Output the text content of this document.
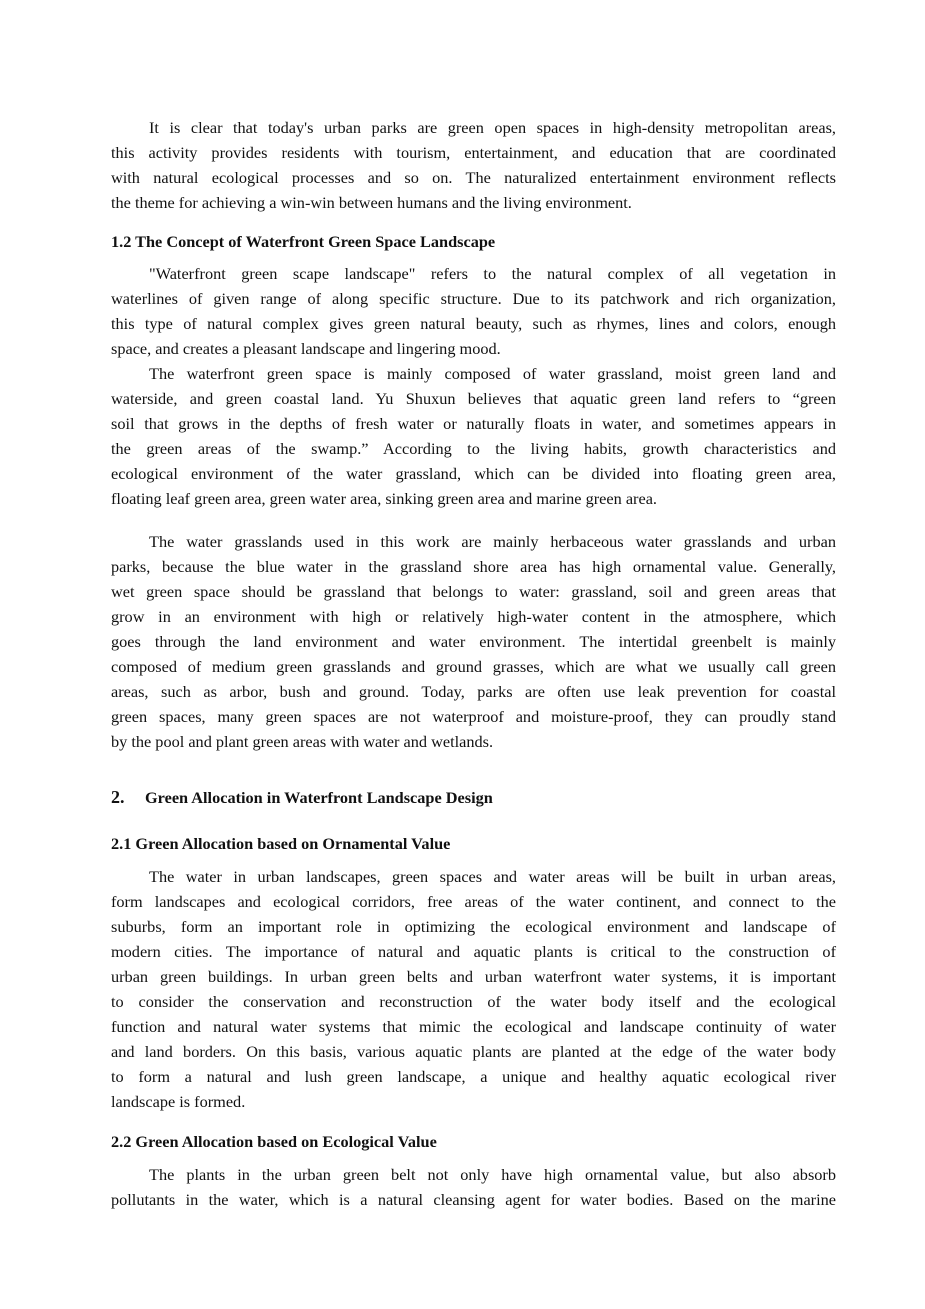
It is clear that today's urban parks are green open spaces in high-density metropolitan areas,
this activity provides residents with tourism, entertainment, and education that are coordinated
with natural ecological processes and so on. The naturalized entertainment environment reflects
the theme for achieving a win-win between humans and the living environment.
1.2 The Concept of Waterfront Green Space Landscape
"Waterfront green scape landscape" refers to the natural complex of all vegetation in
waterlines of given range of along specific structure. Due to its patchwork and rich organization,
this type of natural complex gives green natural beauty, such as rhymes, lines and colors, enough
space, and creates a pleasant landscape and lingering mood.
The waterfront green space is mainly composed of water grassland, moist green land and
waterside, and green coastal land. Yu Shuxun believes that aquatic green land refers to “green
soil that grows in the depths of fresh water or naturally floats in water, and sometimes appears in
the green areas of the swamp.” According to the living habits, growth characteristics and
ecological environment of the water grassland, which can be divided into floating green area,
floating leaf green area, green water area, sinking green area and marine green area.
The water grasslands used in this work are mainly herbaceous water grasslands and urban
parks, because the blue water in the grassland shore area has high ornamental value. Generally,
wet green space should be grassland that belongs to water: grassland, soil and green areas that
grow in an environment with high or relatively high-water content in the atmosphere, which
goes through the land environment and water environment. The intertidal greenbelt is mainly
composed of medium green grasslands and ground grasses, which are what we usually call green
areas, such as arbor, bush and ground. Today, parks are often use leak prevention for coastal
green spaces, many green spaces are not waterproof and moisture-proof, they can proudly stand
by the pool and plant green areas with water and wetlands.
2. Green Allocation in Waterfront Landscape Design
2.1 Green Allocation based on Ornamental Value
The water in urban landscapes, green spaces and water areas will be built in urban areas,
form landscapes and ecological corridors, free areas of the water continent, and connect to the
suburbs, form an important role in optimizing the ecological environment and landscape of
modern cities. The importance of natural and aquatic plants is critical to the construction of
urban green buildings. In urban green belts and urban waterfront water systems, it is important
to consider the conservation and reconstruction of the water body itself and the ecological
function and natural water systems that mimic the ecological and landscape continuity of water
and land borders. On this basis, various aquatic plants are planted at the edge of the water body
to form a natural and lush green landscape, a unique and healthy aquatic ecological river
landscape is formed.
2.2 Green Allocation based on Ecological Value
The plants in the urban green belt not only have high ornamental value, but also absorb
pollutants in the water, which is a natural cleansing agent for water bodies. Based on the marine
